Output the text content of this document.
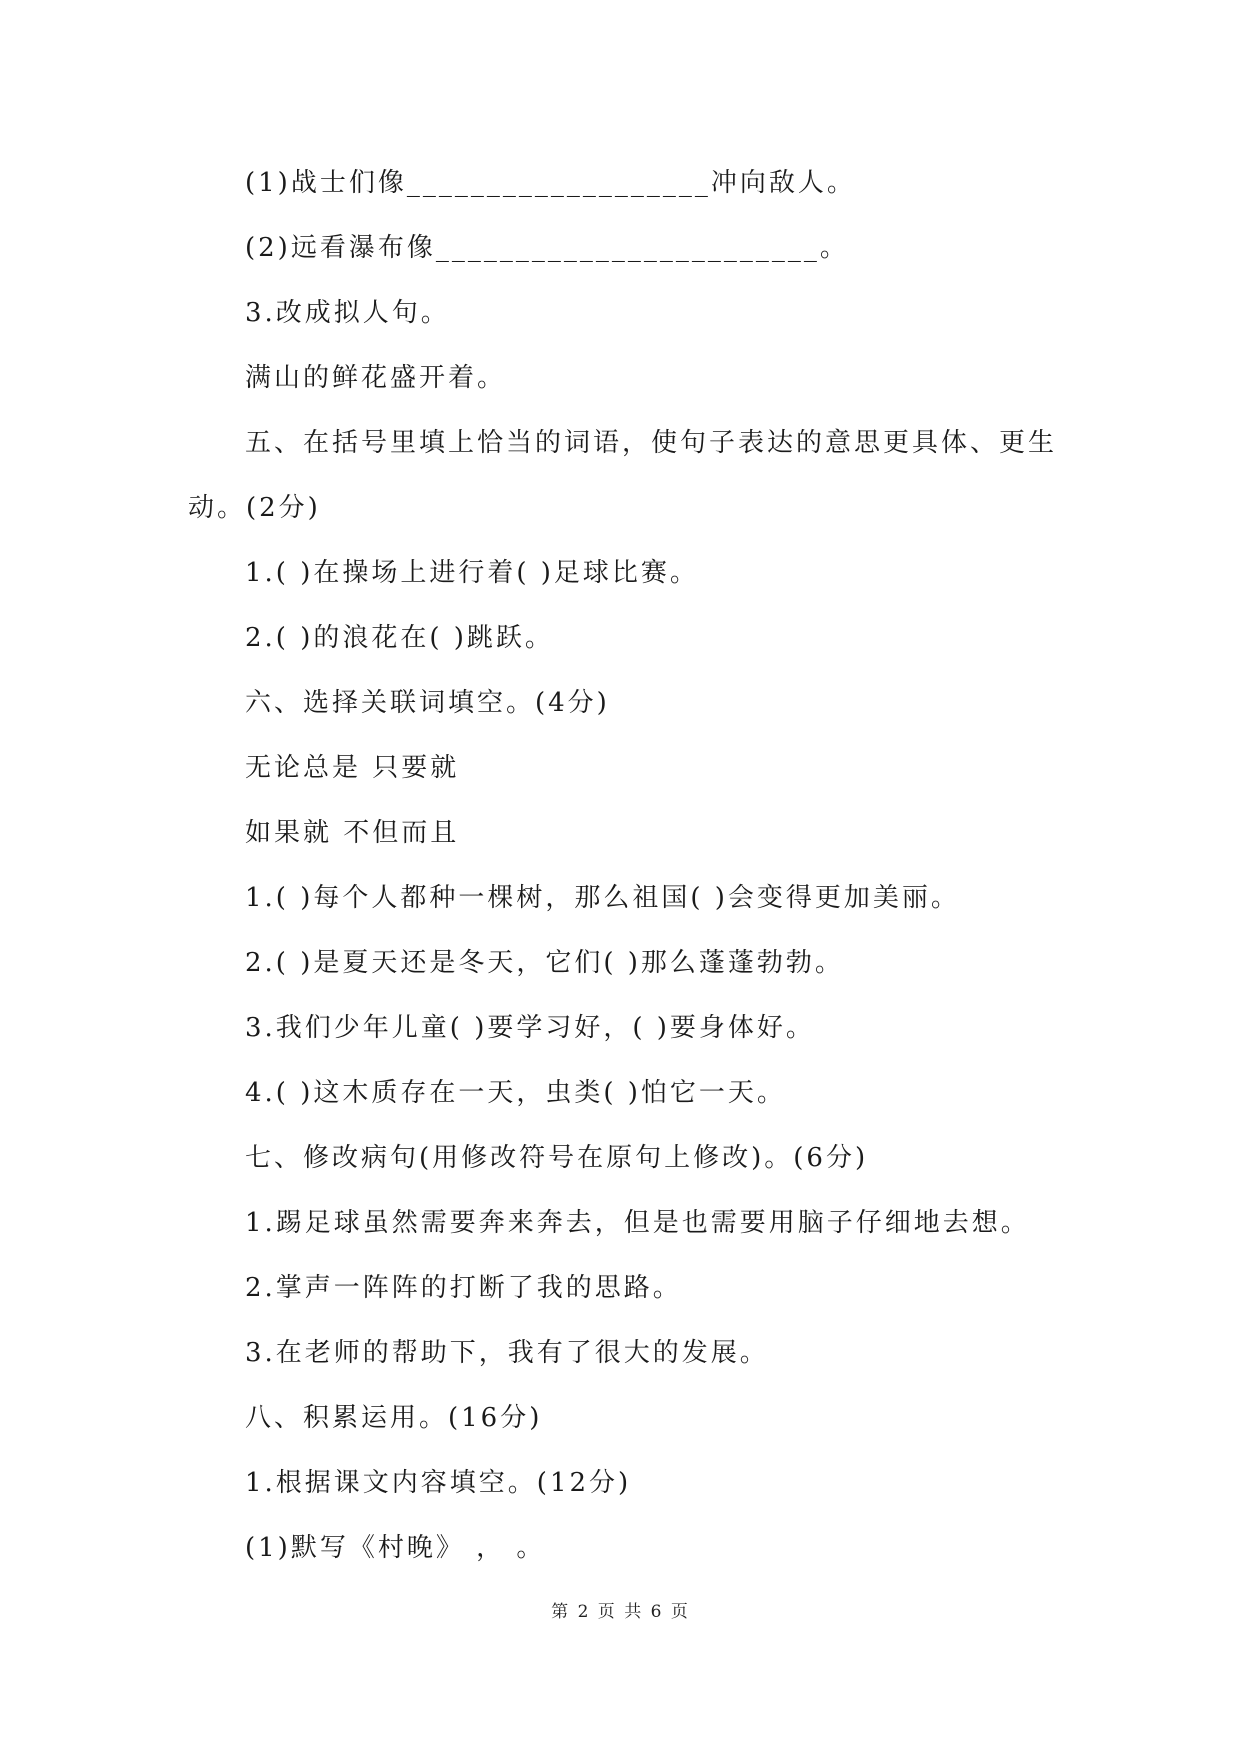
(1)战士们像___________________冲向敌人。
(2)远看瀑布像________________________。
3.改成拟人句。
满山的鲜花盛开着。
五、在括号里填上恰当的词语，使句子表达的意思更具体、更生
动。(2分)
1.( )在操场上进行着( )足球比赛。
2.( )的浪花在( )跳跃。
六、选择关联词填空。(4分)
无论总是 只要就
如果就 不但而且
1.( )每个人都种一棵树，那么祖国( )会变得更加美丽。
2.( )是夏天还是冬天，它们( )那么蓬蓬勃勃。
3.我们少年儿童( )要学习好，( )要身体好。
4.( )这木质存在一天，虫类( )怕它一天。
七、修改病句(用修改符号在原句上修改)。(6分)
1.踢足球虽然需要奔来奔去，但是也需要用脑子仔细地去想。
2.掌声一阵阵的打断了我的思路。
3.在老师的帮助下，我有了很大的发展。
八、积累运用。(16分)
1.根据课文内容填空。(12分)
(1)默写《村晚》 ， 。
第 2 页 共 6 页
